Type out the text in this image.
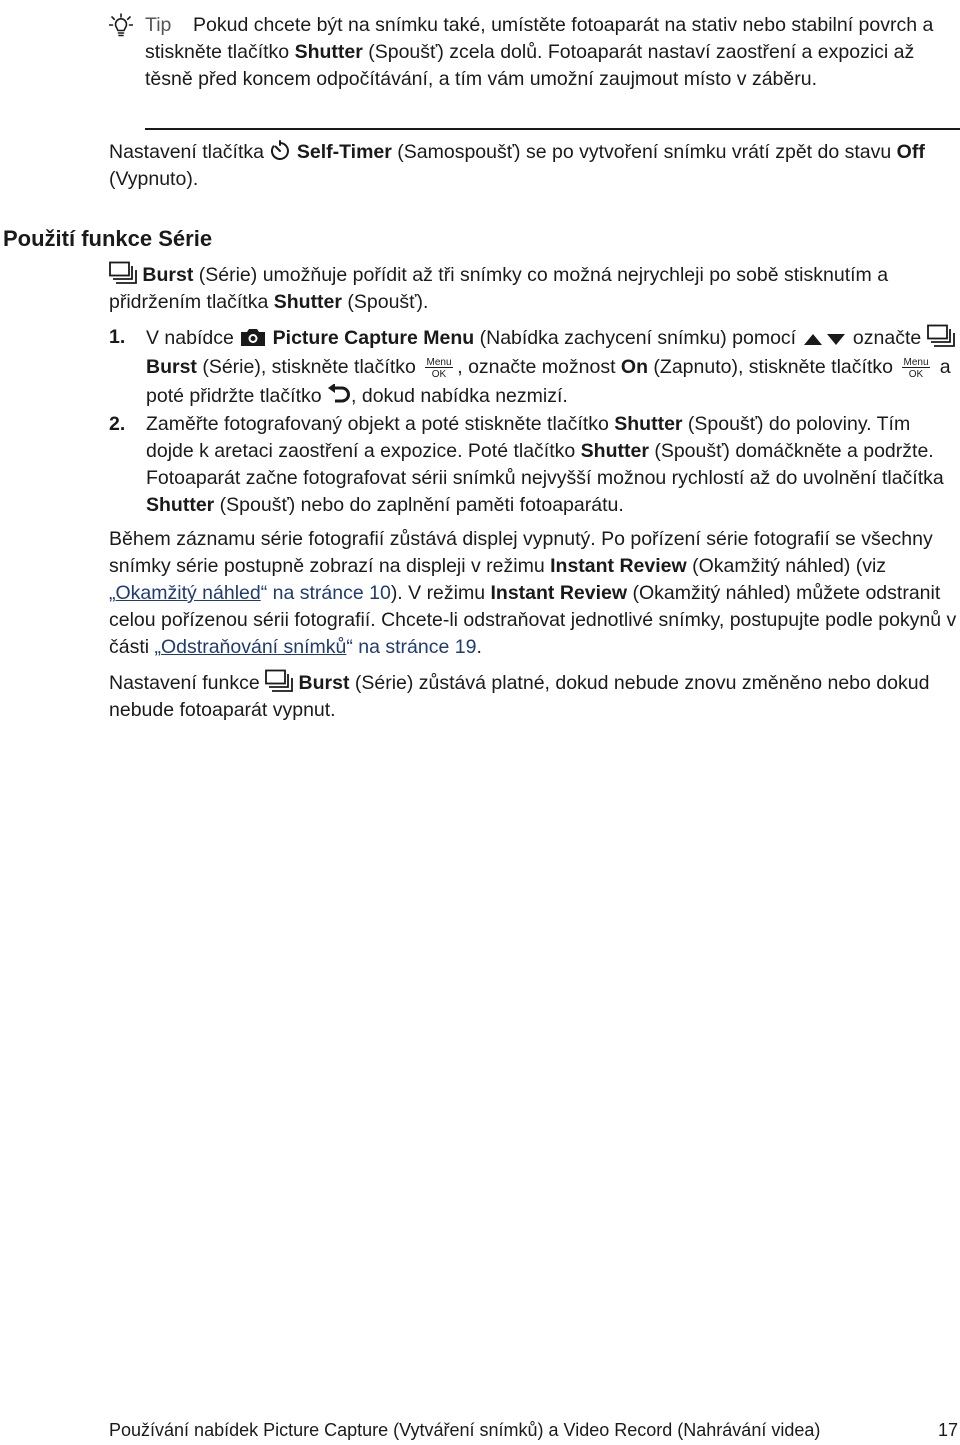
Tip	Pokud chcete být na snímku také, umístěte fotoaparát na stativ nebo stabilní povrch a stiskněte tlačítko Shutter (Spoušť) zcela dolů. Fotoaparát nastaví zaostření a expozici až těsně před koncem odpočítávání, a tím vám umožní zaujmout místo v záběru.
Nastavení tlačítka  Self-Timer (Samospoušť) se po vytvoření snímku vrátí zpět do stavu Off (Vypnuto).
Použití funkce Série
Burst (Série) umožňuje pořídit až tři snímky co možná nejrychleji po sobě stisknutím a přidržením tlačítka Shutter (Spoušť).
1. V nabídce  Picture Capture Menu (Nabídka zachycení snímku) pomocí  označte  Burst (Série), stiskněte tlačítko Menu
OK , označte možnost On (Zapnuto), stiskněte tlačítko Menu
OK a poté přidržte tlačítko , dokud nabídka nezmizí.
2. Zaměřte fotografovaný objekt a poté stiskněte tlačítko Shutter (Spoušť) do poloviny. Tím dojde k aretaci zaostření a expozice. Poté tlačítko Shutter (Spoušť) domáčkněte a podržte. Fotoaparát začne fotografovat sérii snímků nejvyšší možnou rychlostí až do uvolnění tlačítka Shutter (Spoušť) nebo do zaplnění paměti fotoaparátu.
Během záznamu série fotografií zůstává displej vypnutý. Po pořízení série fotografií se všechny snímky série postupně zobrazí na displeji v režimu Instant Review (Okamžitý náhled) (viz „Okamžitý náhled“ na stránce 10). V režimu Instant Review (Okamžitý náhled) můžete odstranit celou pořízenou sérii fotografií. Chcete-li odstraňovat jednotlivé snímky, postupujte podle pokynů v části „Odstraňování snímků“ na stránce 19.
Nastavení funkce  Burst (Série) zůstává platné, dokud nebude znovu změněno nebo dokud nebude fotoaparát vypnut.
Používání nabídek Picture Capture (Vytváření snímků) a Video Record (Nahrávání videa)	17
